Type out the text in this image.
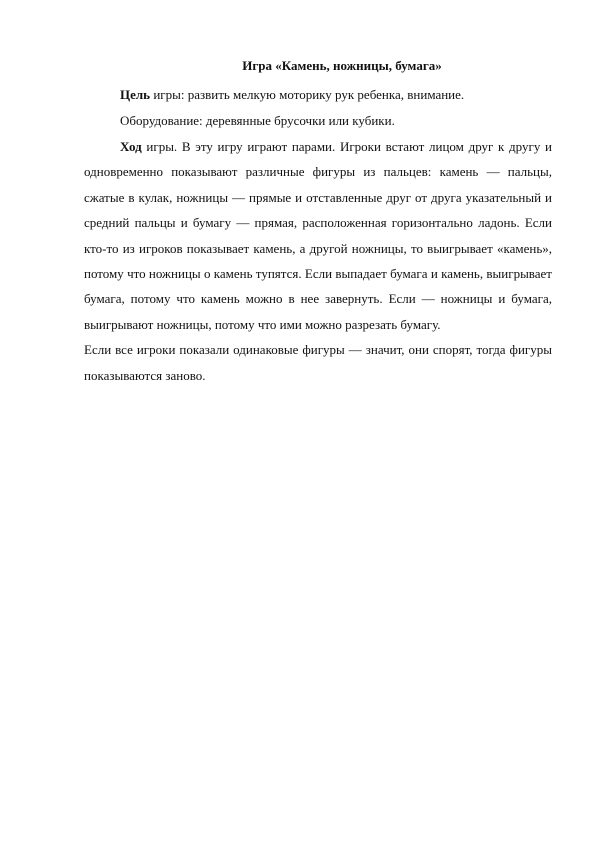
Игра «Камень, ножницы, бумага»

Цель игры: развить мелкую моторику рук ребенка, внимание.

Оборудование: деревянные брусочки или кубики.

Ход игры. В эту игру играют парами. Игроки встают лицом друг к другу и одновременно показывают различные фигуры из пальцев: камень — пальцы, сжатые в кулак, ножницы — прямые и отставленные друг от друга указательный и средний пальцы и бумагу — прямая, расположенная горизонтально ладонь. Если кто-то из игроков показывает камень, а другой ножницы, то выигрывает «камень», потому что ножницы о камень тупятся. Если выпадает бумага и камень, выигрывает бумага, потому что камень можно в нее завернуть. Если — ножницы и бумага, выигрывают ножницы, потому что ими можно разрезать бумагу.

Если все игроки показали одинаковые фигуры — значит, они спорят, тогда фигуры показываются заново.
